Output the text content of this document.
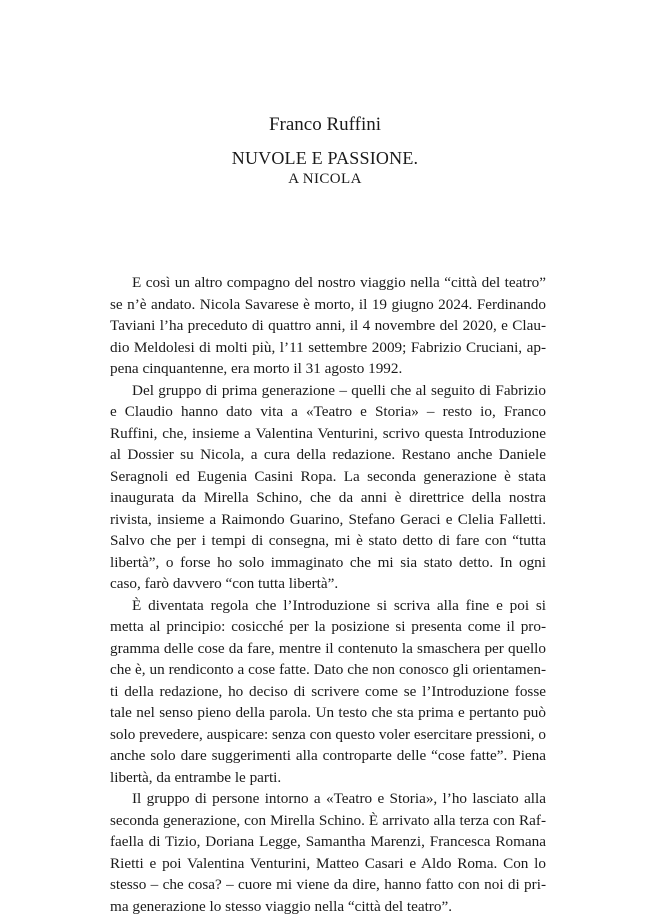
Franco Ruffini
NUVOLE E PASSIONE.
A NICOLA

E così un altro compagno del nostro viaggio nella “città del teatro” se n’è andato. Nicola Savarese è morto, il 19 giugno 2024. Ferdinando Taviani l’ha preceduto di quattro anni, il 4 novembre del 2020, e Claudio Meldolesi di molti più, l’11 settembre 2009; Fabrizio Cruciani, appena cinquantenne, era morto il 31 agosto 1992.

Del gruppo di prima generazione – quelli che al seguito di Fabrizio e Claudio hanno dato vita a «Teatro e Storia» – resto io, Franco Ruffini, che, insieme a Valentina Venturini, scrivo questa Introduzione al Dossier su Nicola, a cura della redazione. Restano anche Daniele Seragnoli ed Eugenia Casini Ropa. La seconda generazione è stata inaugurata da Mirella Schino, che da anni è direttrice della nostra rivista, insieme a Raimondo Guarino, Stefano Geraci e Clelia Falletti. Salvo che per i tempi di consegna, mi è stato detto di fare con “tutta libertà”, o forse ho solo immaginato che mi sia stato detto. In ogni caso, farò davvero “con tutta libertà”.

È diventata regola che l’Introduzione si scriva alla fine e poi si metta al principio: cosicché per la posizione si presenta come il programma delle cose da fare, mentre il contenuto la smaschera per quello che è, un rendiconto a cose fatte. Dato che non conosco gli orientamenti della redazione, ho deciso di scrivere come se l’Introduzione fosse tale nel senso pieno della parola. Un testo che sta prima e pertanto può solo prevedere, auspicare: senza con questo voler esercitare pressioni, o anche solo dare suggerimenti alla controparte delle “cose fatte”. Piena libertà, da entrambe le parti.

Il gruppo di persone intorno a «Teatro e Storia», l’ho lasciato alla seconda generazione, con Mirella Schino. È arrivato alla terza con Raffaella di Tizio, Doriana Legge, Samantha Marenzi, Francesca Romana Rietti e poi Valentina Venturini, Matteo Casari e Aldo Roma. Con lo stesso – che cosa? – cuore mi viene da dire, hanno fatto con noi di prima generazione lo stesso viaggio nella “città del teatro”.
